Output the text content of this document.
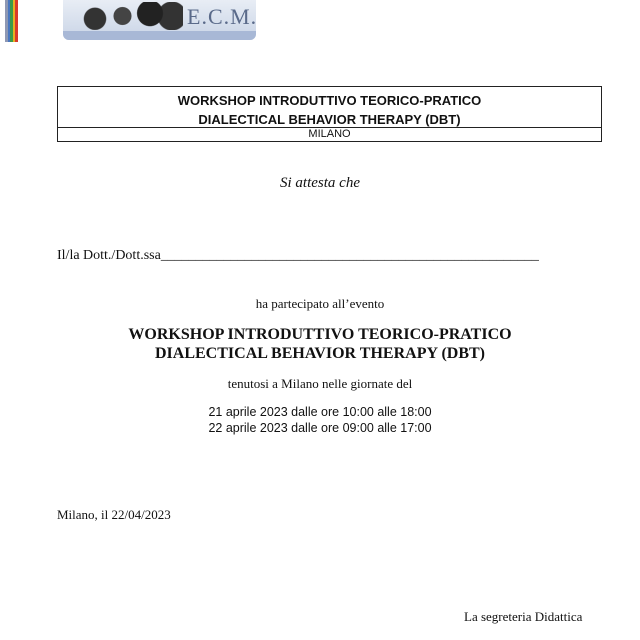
E.C.M.
WORKSHOP INTRODUTTIVO TEORICO-PRATICO
DIALECTICAL BEHAVIOR THERAPY (DBT)
MILANO
Si attesta che
Il/la Dott./Dott.ssa______________________________________________________
ha partecipato all’evento
WORKSHOP INTRODUTTIVO TEORICO-PRATICO
DIALECTICAL BEHAVIOR THERAPY (DBT)
tenutosi a Milano nelle giornate del
21 aprile 2023 dalle ore 10:00 alle 18:00
22 aprile 2023 dalle ore 09:00 alle 17:00
Milano, il 22/04/2023
La segreteria Didattica
